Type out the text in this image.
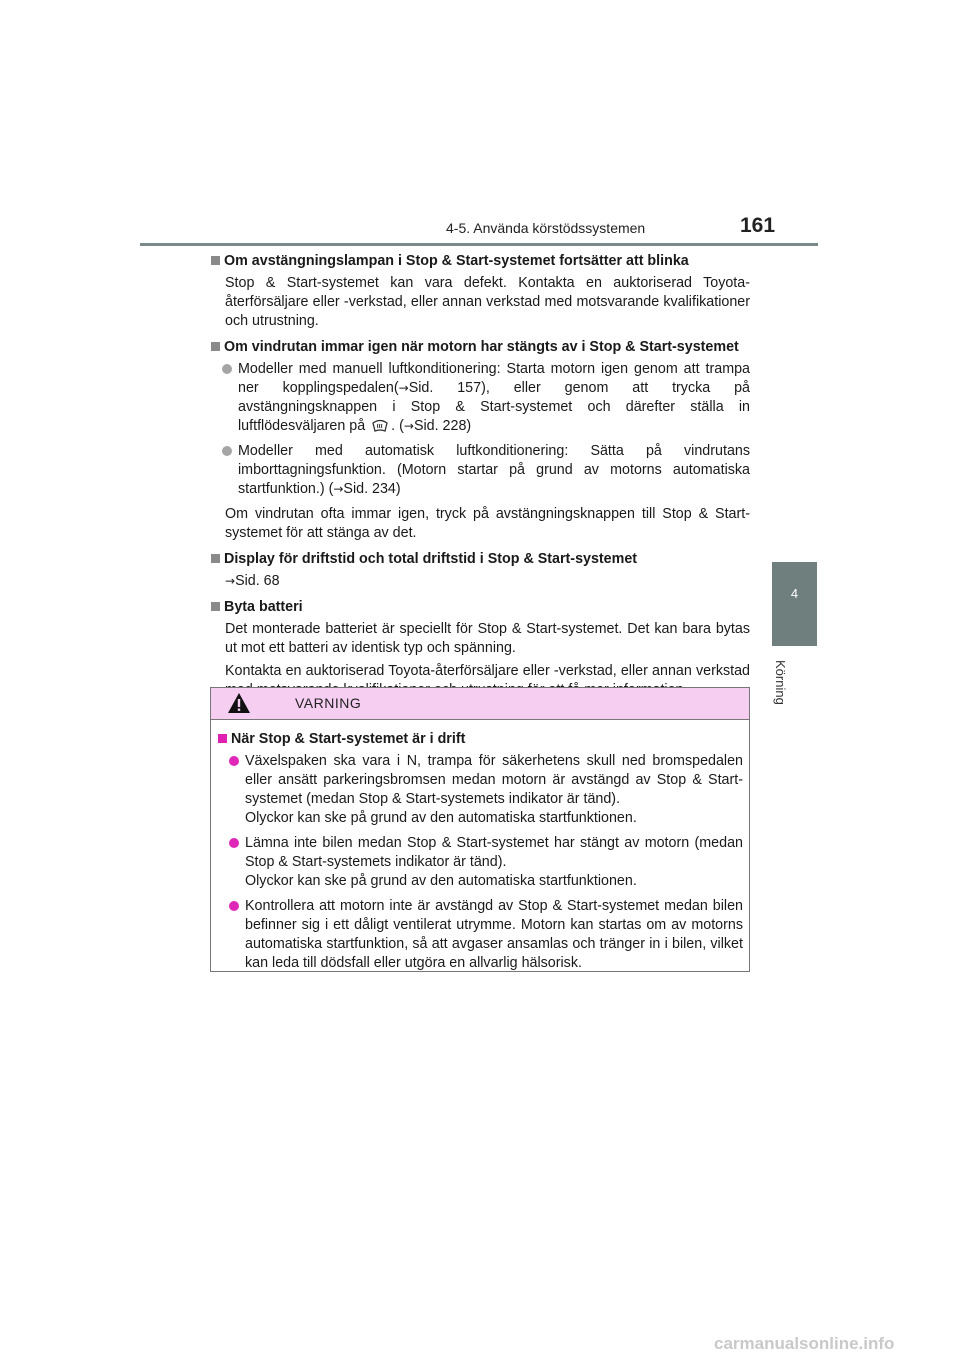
4-5. Använda körstödssystemen	161
4
Körning
Om avstängningslampan i Stop & Start-systemet fortsätter att blinka
Stop & Start-systemet kan vara defekt. Kontakta en auktoriserad Toyota-återförsäljare eller -verkstad, eller annan verkstad med motsvarande kvalifikationer och utrustning.
Om vindrutan immar igen när motorn har stängts av i Stop & Start-systemet
Modeller med manuell luftkonditionering: Starta motorn igen genom att trampa ner kopplingspedalen(→Sid. 157), eller genom att trycka på avstängningsknappen i Stop & Start-systemet och därefter ställa in luftflödesväljaren på . (→Sid. 228)
Modeller med automatisk luftkonditionering: Sätta på vindrutans imborttagningsfunktion. (Motorn startar på grund av motorns automatiska startfunktion.) (→Sid. 234)
Om vindrutan ofta immar igen, tryck på avstängningsknappen till Stop & Start-systemet för att stänga av det.
Display för driftstid och total driftstid i Stop & Start-systemet
→Sid. 68
Byta batteri
Det monterade batteriet är speciellt för Stop & Start-systemet. Det kan bara bytas ut mot ett batteri av identisk typ och spänning.
Kontakta en auktoriserad Toyota-återförsäljare eller -verkstad, eller annan verkstad
VARNING
När Stop & Start-systemet är i drift
Växelspaken ska vara i N, trampa för säkerhetens skull ned bromspedalen eller ansätt parkeringsbromsen medan motorn är avstängd av Stop & Start-systemet (medan Stop & Start-systemets indikator är tänd).
Olyckor kan ske på grund av den automatiska startfunktionen.
Lämna inte bilen medan Stop & Start-systemet har stängt av motorn (medan Stop & Start-systemets indikator är tänd).
Olyckor kan ske på grund av den automatiska startfunktionen.
Kontrollera att motorn inte är avstängd av Stop & Start-systemet medan bilen befinner sig i ett dåligt ventilerat utrymme. Motorn kan startas om av motorns automatiska startfunktion, så att avgaser ansamlas och tränger in i bilen, vilket kan leda till dödsfall eller utgöra en allvarlig hälsorisk.
carmanualsonline.info
